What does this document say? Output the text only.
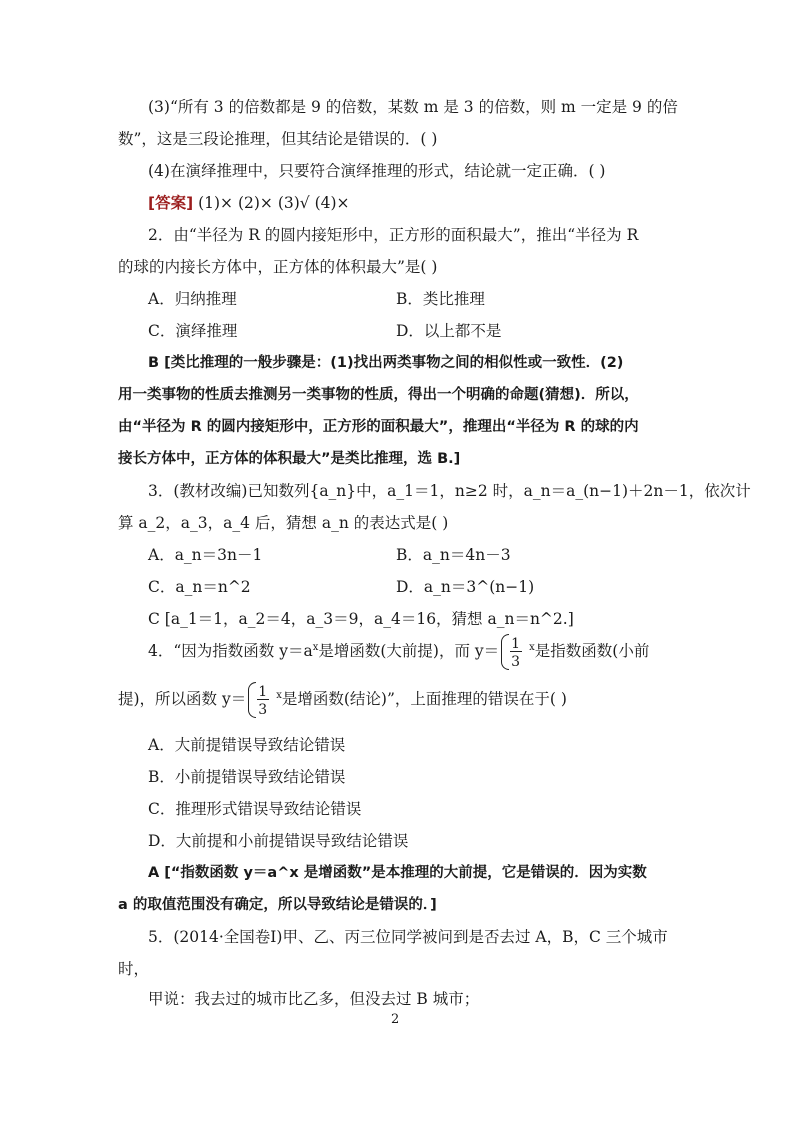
(3)“所有 3 的倍数都是 9 的倍数，某数 m 是 3 的倍数，则 m 一定是 9 的倍
数”，这是三段论推理，但其结论是错误的．( )
(4)在演绎推理中，只要符合演绎推理的形式，结论就一定正确．( )
[答案] (1)× (2)× (3)√ (4)×
2．由“半径为 R 的圆内接矩形中，正方形的面积最大”，推出“半径为 R
的球的内接长方体中，正方体的体积最大”是( )
A．归纳推理	B．类比推理
C．演绎推理	D．以上都不是
B [类比推理的一般步骤是：(1)找出两类事物之间的相似性或一致性．(2)
用一类事物的性质去推测另一类事物的性质，得出一个明确的命题(猜想)．所以，
由“半径为 R 的圆内接矩形中，正方形的面积最大”，推理出“半径为 R 的球的内
接长方体中，正方体的体积最大”是类比推理，选 B.]
3．(教材改编)已知数列{a_n}中，a_1＝1，n≥2 时，a_n＝a_(n−1)＋2n－1，依次计
算 a_2，a_3，a_4 后，猜想 a_n 的表达式是( )
A．a_n＝3n－1	B．a_n＝4n－3
C．a_n＝n^2	D．a_n＝3^(n−1)
C [a_1＝1，a_2＝4，a_3＝9，a_4＝16，猜想 a_n＝n^2.]
4．“因为指数函数 $y=a^x$是增函数(大前提)，而 $y= \frac{1}{3} ^x$是指数函数(小前
提)，所以函数 $y= \frac{1}{3} ^x$是增函数(结论)”，上面推理的错误在于( )
A．大前提错误导致结论错误
B．小前提错误导致结论错误
C．推理形式错误导致结论错误
D．大前提和小前提错误导致结论错误
A [“指数函数 y＝a^x 是增函数”是本推理的大前提，它是错误的．因为实数
a 的取值范围没有确定，所以导致结论是错误的．]
5．(2014·全国卷Ⅰ)甲、乙、丙三位同学被问到是否去过 A，B，C 三个城市
时，
甲说：我去过的城市比乙多，但没去过 B 城市；
2
